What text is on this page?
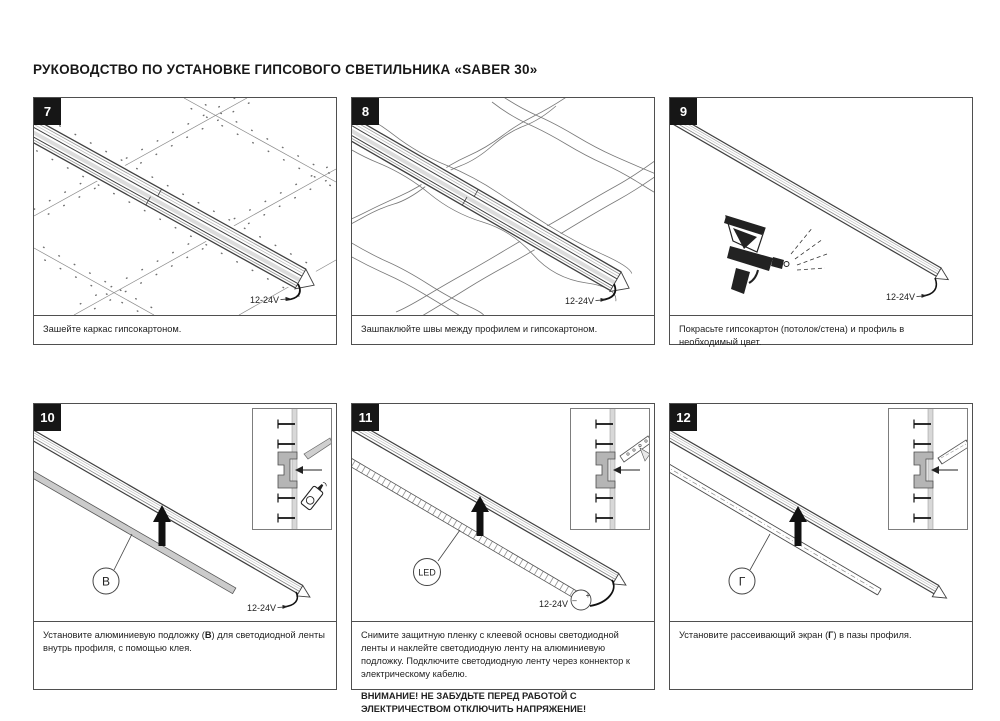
РУКОВОДСТВО ПО УСТАНОВКЕ ГИПСОВОГО СВЕТИЛЬНИКА «SABER 30»
7
12-24V

Зашейте каркас гипсокартоном.

8
12-24V

Зашпаклюйте швы между профилем и гипсокартоном.

9
12-24V

Покрасьте гипсокартон (потолок/стена) и профиль в необходимый цвет.

10
В
12-24V

Установите алюминиевую подложку (В) для светодиодной ленты внутрь профиля, с помощью клея.

11
LED
–
+
12-24V

Снимите защитную пленку с клеевой основы светодиодной ленты и наклейте светодиодную ленту на алюминиевую подложку. Подключите светодиодную ленту через коннектор к электрическому кабелю.

ВНИМАНИЕ! НЕ ЗАБУДЬТЕ ПЕРЕД РАБОТОЙ С ЭЛЕКТРИЧЕСТВОМ ОТКЛЮЧИТЬ НАПРЯЖЕНИЕ!

12
Г

Установите рассеивающий экран (Г) в пазы профиля.
